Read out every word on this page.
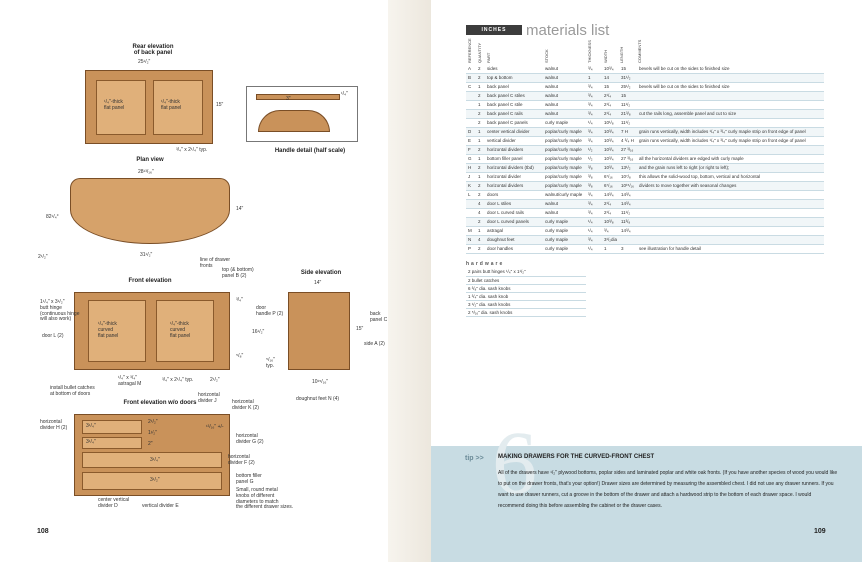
Rear elevation
of back panel
25¹/₂"
¹/₄"-thick
flat panel
¹/₄"-thick
flat panel	15"
³/₄" x 2¹/₄" typ.
3"
¹/₄"
Handle detail (half scale)
Plan view
28¹³/₁₆"
14"
82¹/₄°
2¹/₂"	31¹/₂"
line of drawer
fronts
Front elevation
top (& bottom)
panel B (2)
¹/₄"-thick
curved
flat panel
¹/₄"-thick
curved
flat panel
1¹/₄" x 3¹/₂"
butt hinge
(continuous hinge
will also work)
door L (2)
door
handle P (2)
16¹/₂"
³/₄"
⁵/₈"
¹/₄" x ³/₄"
astragal M
³/₄" x 2¹/₄" typ.	2¹/₂"
install bullet catches
at bottom of doors
Side elevation
14"
back
panel C
side A (2)
15"
10¹⁵/₁₆"
⁵/₁₆"
typ.
doughnut feet N (4)
Front elevation w/o doors
3¹/₄"
3¹/₄"
3¹/₄"
3¹/₂"
2¹/₂"
2"
1¹⁄₂"
¹³/₁₆" +/-
horizontal
divider J	horizontal
divider K (2)
horizontal
divider H (2)
horizontal
divider G (2)
horizontal
divider F (2)
bottom filler
panel G
center vertical
divider D	vertical divider E
Small, round metal
knobs of different
diameters to match
the different drawer sizes.
108
INCHES	materials list
REFERENCE QUANTITY PART	STOCK	THICKNESS	WIDTH	LENGTH	COMMENTS
A	2	sides	walnut	³/₄	10³/₄	15	bevels will be cut on the sides to finished size
B	2	top & bottom	walnut	1	14	31¹/₂	
C	1	back panel	walnut	³/₄	15	25¹/₂	bevels will be cut on the sides to finished size
	2	back panel C stiles	walnut	³/₄	2¹/₄	15	
	1	back panel C stile	walnut	³/₄	2¹/₄	11¹/₂	
	2	back panel C rails	walnut	³/₄	2¹/₄	21³/₈	cut the rails long, assemble panel and cut to size
	2	back panel C panels	curly maple	¹/₄	10¹/₈	11¹/₂	
D	1	center vertical divider	poplar/curly maple	³/₄	10³/₄	7 H	grain runs vertically, width includes ¹/₄" x ³/₄" curly maple strip on front edge of panel
E	1	vertical divider	poplar/curly maple	³/₄	10³/₄	4 ³/₄ H	grain runs vertically, width includes ¹/₄" x ³/₄" curly maple strip on front edge of panel
F	2	horizontal dividers	poplar/curly maple	¹/₂	10³/₄	27 ³/₁₆	
G	1	bottom filler panel	poplar/curly maple	¹/₂	10³/₄	27 ³/₁₆	all the horizontal dividers are edged with curly maple
H	2	horizontal dividers (tbd)	poplar/curly maple	³/₈	10³/₄	13¹/₂	and the grain runs left to right (or right to left);
J	1	horizontal divider	poplar/curly maple	³/₈	6⁷/₁₆	10⁷/₈	this allows the solid-wood top, bottom, vertical and horizontal
K	2	horizontal dividers	poplar/curly maple	³/₈	6⁷/₁₆	10¹⁵/₁₆	dividers to move together with seasonal changes
L	2	doors	walnut/curly maple	³/₄	14³/₄	14³/₄	
	4	door L stiles	walnut	³/₄	2¹/₄	14³/₄	
	4	door L curved rails	walnut	³/₄	2¹/₄	11¹/₂	
	2	door L curved panels	curly maple	¹/₄	10³/₈	11³/₈	
M	1	astragal	curly maple	¹/₄	³/₄	14³/₄	
N	4	doughnut feet	curly maple	³/₄	3¹/₂dia		
P	2	door handles	curly maple	¹/₄	1	3	see illustration for handle detail
hardware
2 pairs butt hinges ¹/₄" x 1¹/₂"
2 bullet catches
6 ³/₈" dia. sash knobs
1 ³/₄" dia. sash knob
3 ¹/₂" dia. sash knobs
2 ⁵/₁₆" dia. sash knobs
6
tip >> MAKING DRAWERS FOR THE CURVED-FRONT CHEST
All of the drawers have ¹/₂" plywood bottoms, poplar sides and laminated poplar and white oak fronts. (If you have another species of wood you would like to put on the drawer fronts, that's your option!) Drawer sizes are determined by measuring the assembled chest. I did not use any drawer runners. If you want to use drawer runners, cut a groove in the bottom of the drawer and attach a hardwood strip to the bottom of each drawer space. I would recommend doing this before assembling the cabinet or the drawer cases.
109
